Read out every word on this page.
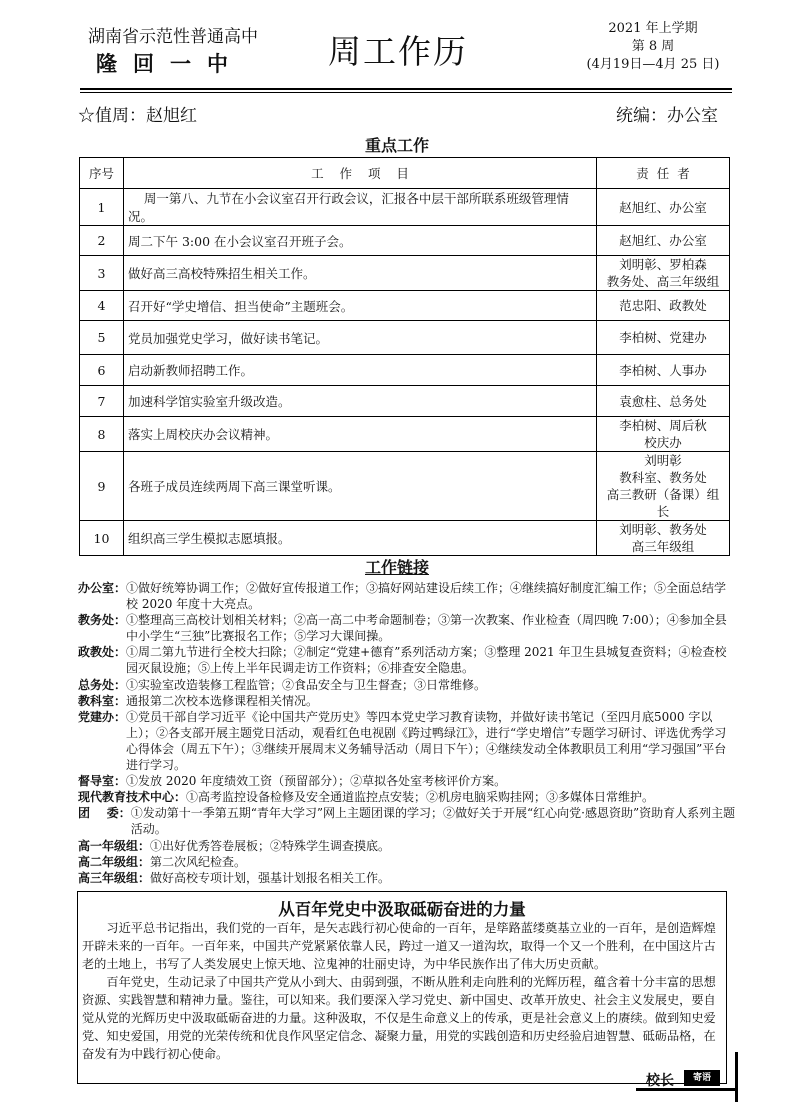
湖南省示范性普通高中
隆回一中	周工作历
2021 年上学期
第 8 周
(4月19日—4月 25 日)
☆值周：赵旭红	统编：办公室
重点工作
序号	工    作    项    目	责  任  者
1	周一第八、九节在小会议室召开行政会议，汇报各中层干部所联系班级管理情况。	赵旭红、办公室
2	周二下午 3:00 在小会议室召开班子会。	赵旭红、办公室
3	做好高三高校特殊招生相关工作。	刘明彰、罗柏森
教务处、高三年级组
4	召开好“学史增信、担当使命”主题班会。	范忠阳、政教处
5	党员加强党史学习，做好读书笔记。	李柏树、党建办
6	启动新教师招聘工作。	李柏树、人事办
7	加速科学馆实验室升级改造。	袁愈柱、总务处
8	落实上周校庆办会议精神。	李柏树、周后秋
校庆办
9	各班子成员连续两周下高三课堂听课。	刘明彰
教科室、教务处
高三教研（备课）组长
10	组织高三学生模拟志愿填报。	刘明彰、教务处
高三年级组
工作链接
办公室： ①做好统筹协调工作；②做好宣传报道工作；③搞好网站建设后续工作；④继续搞好制度汇编工作；⑤全面总结学校 2020 年度十大亮点。
教务处： ①整理高三高校计划相关材料；②高一高二中考命题制卷；③第一次教案、作业检查（周四晚 7:00）；④参加全县中小学生“三独”比赛报名工作；⑤学习大课间操。
政教处： ①周二第九节进行全校大扫除；②制定“党建+德育”系列活动方案；③整理 2021 年卫生县城复查资料；④检查校园灭鼠设施；⑤上传上半年民调走访工作资料；⑥排查安全隐患。
总务处： ①实验室改造装修工程监管；②食品安全与卫生督查；③日常维修。
教科室： 通报第二次校本选修课程相关情况。
党建办： ①党员干部自学习近平《论中国共产党历史》等四本党史学习教育读物，并做好读书笔记（至四月底5000 字以上）；②各支部开展主题党日活动，观看红色电视剧《跨过鸭绿江》，进行“学史增信”专题学习研讨、评选优秀学习心得体会（周五下午）；③继续开展周末义务辅导活动（周日下午）；④继续发动全体教职员工利用“学习强国”平台进行学习。
督导室： ①发放 2020 年度绩效工资（预留部分）；②草拟各处室考核评价方案。
现代教育技术中心： ①高考监控设备检修及安全通道监控点安装；②机房电脑采购挂网；③多媒体日常维护。
团    委： ①发动第十一季第五期“青年大学习”网上主题团课的学习；②做好关于开展“红心向党·感恩资助”资助育人系列主题活动。
高一年级组： ①出好优秀答卷展板；②特殊学生调查摸底。
高二年级组： 第二次风纪检查。
高三年级组： 做好高校专项计划，强基计划报名相关工作。
从百年党史中汲取砥砺奋进的力量

习近平总书记指出，我们党的一百年，是矢志践行初心使命的一百年，是筚路蓝缕奠基立业的一百年，是创造辉煌开辟未来的一百年。一百年来，中国共产党紧紧依靠人民，跨过一道又一道沟坎，取得一个又一个胜利，在中国这片古老的土地上，书写了人类发展史上惊天地、泣鬼神的壮丽史诗，为中华民族作出了伟大历史贡献。

百年党史，生动记录了中国共产党从小到大、由弱到强，不断从胜利走向胜利的光辉历程，蕴含着十分丰富的思想资源、实践智慧和精神力量。鉴往，可以知来。我们要深入学习党史、新中国史、改革开放史、社会主义发展史，要自觉从党的光辉历史中汲取砥砺奋进的力量。这种汲取，不仅是生命意义上的传承，更是社会意义上的赓续。做到知史爱党、知史爱国，用党的光荣传统和优良作风坚定信念、凝聚力量，用党的实践创造和历史经验启迪智慧、砥砺品格，在奋发有为中践行初心使命。

校长	寄语
